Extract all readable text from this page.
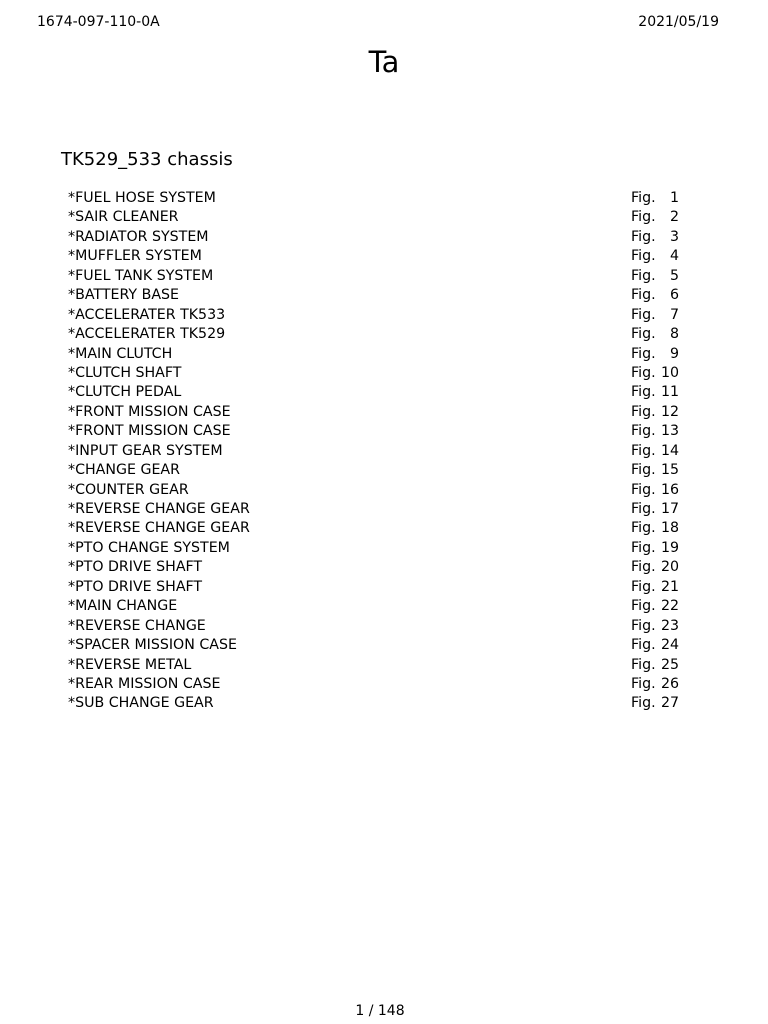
1674-097-110-0A	2021/05/19
Ta
TK529_533 chassis
*FUEL HOSE SYSTEM	Fig. 1
*SAIR CLEANER	Fig. 2
*RADIATOR SYSTEM	Fig. 3
*MUFFLER SYSTEM	Fig. 4
*FUEL TANK SYSTEM	Fig. 5
*BATTERY BASE	Fig. 6
*ACCELERATER TK533	Fig. 7
*ACCELERATER TK529	Fig. 8
*MAIN CLUTCH	Fig. 9
*CLUTCH SHAFT	Fig. 10
*CLUTCH PEDAL	Fig. 11
*FRONT MISSION CASE	Fig. 12
*FRONT MISSION CASE	Fig. 13
*INPUT GEAR SYSTEM	Fig. 14
*CHANGE GEAR	Fig. 15
*COUNTER GEAR	Fig. 16
*REVERSE CHANGE GEAR	Fig. 17
*REVERSE CHANGE GEAR	Fig. 18
*PTO CHANGE SYSTEM	Fig. 19
*PTO DRIVE SHAFT	Fig. 20
*PTO DRIVE SHAFT	Fig. 21
*MAIN CHANGE	Fig. 22
*REVERSE CHANGE	Fig. 23
*SPACER MISSION CASE	Fig. 24
*REVERSE METAL	Fig. 25
*REAR MISSION CASE	Fig. 26
*SUB CHANGE GEAR	Fig. 27
1 / 148
